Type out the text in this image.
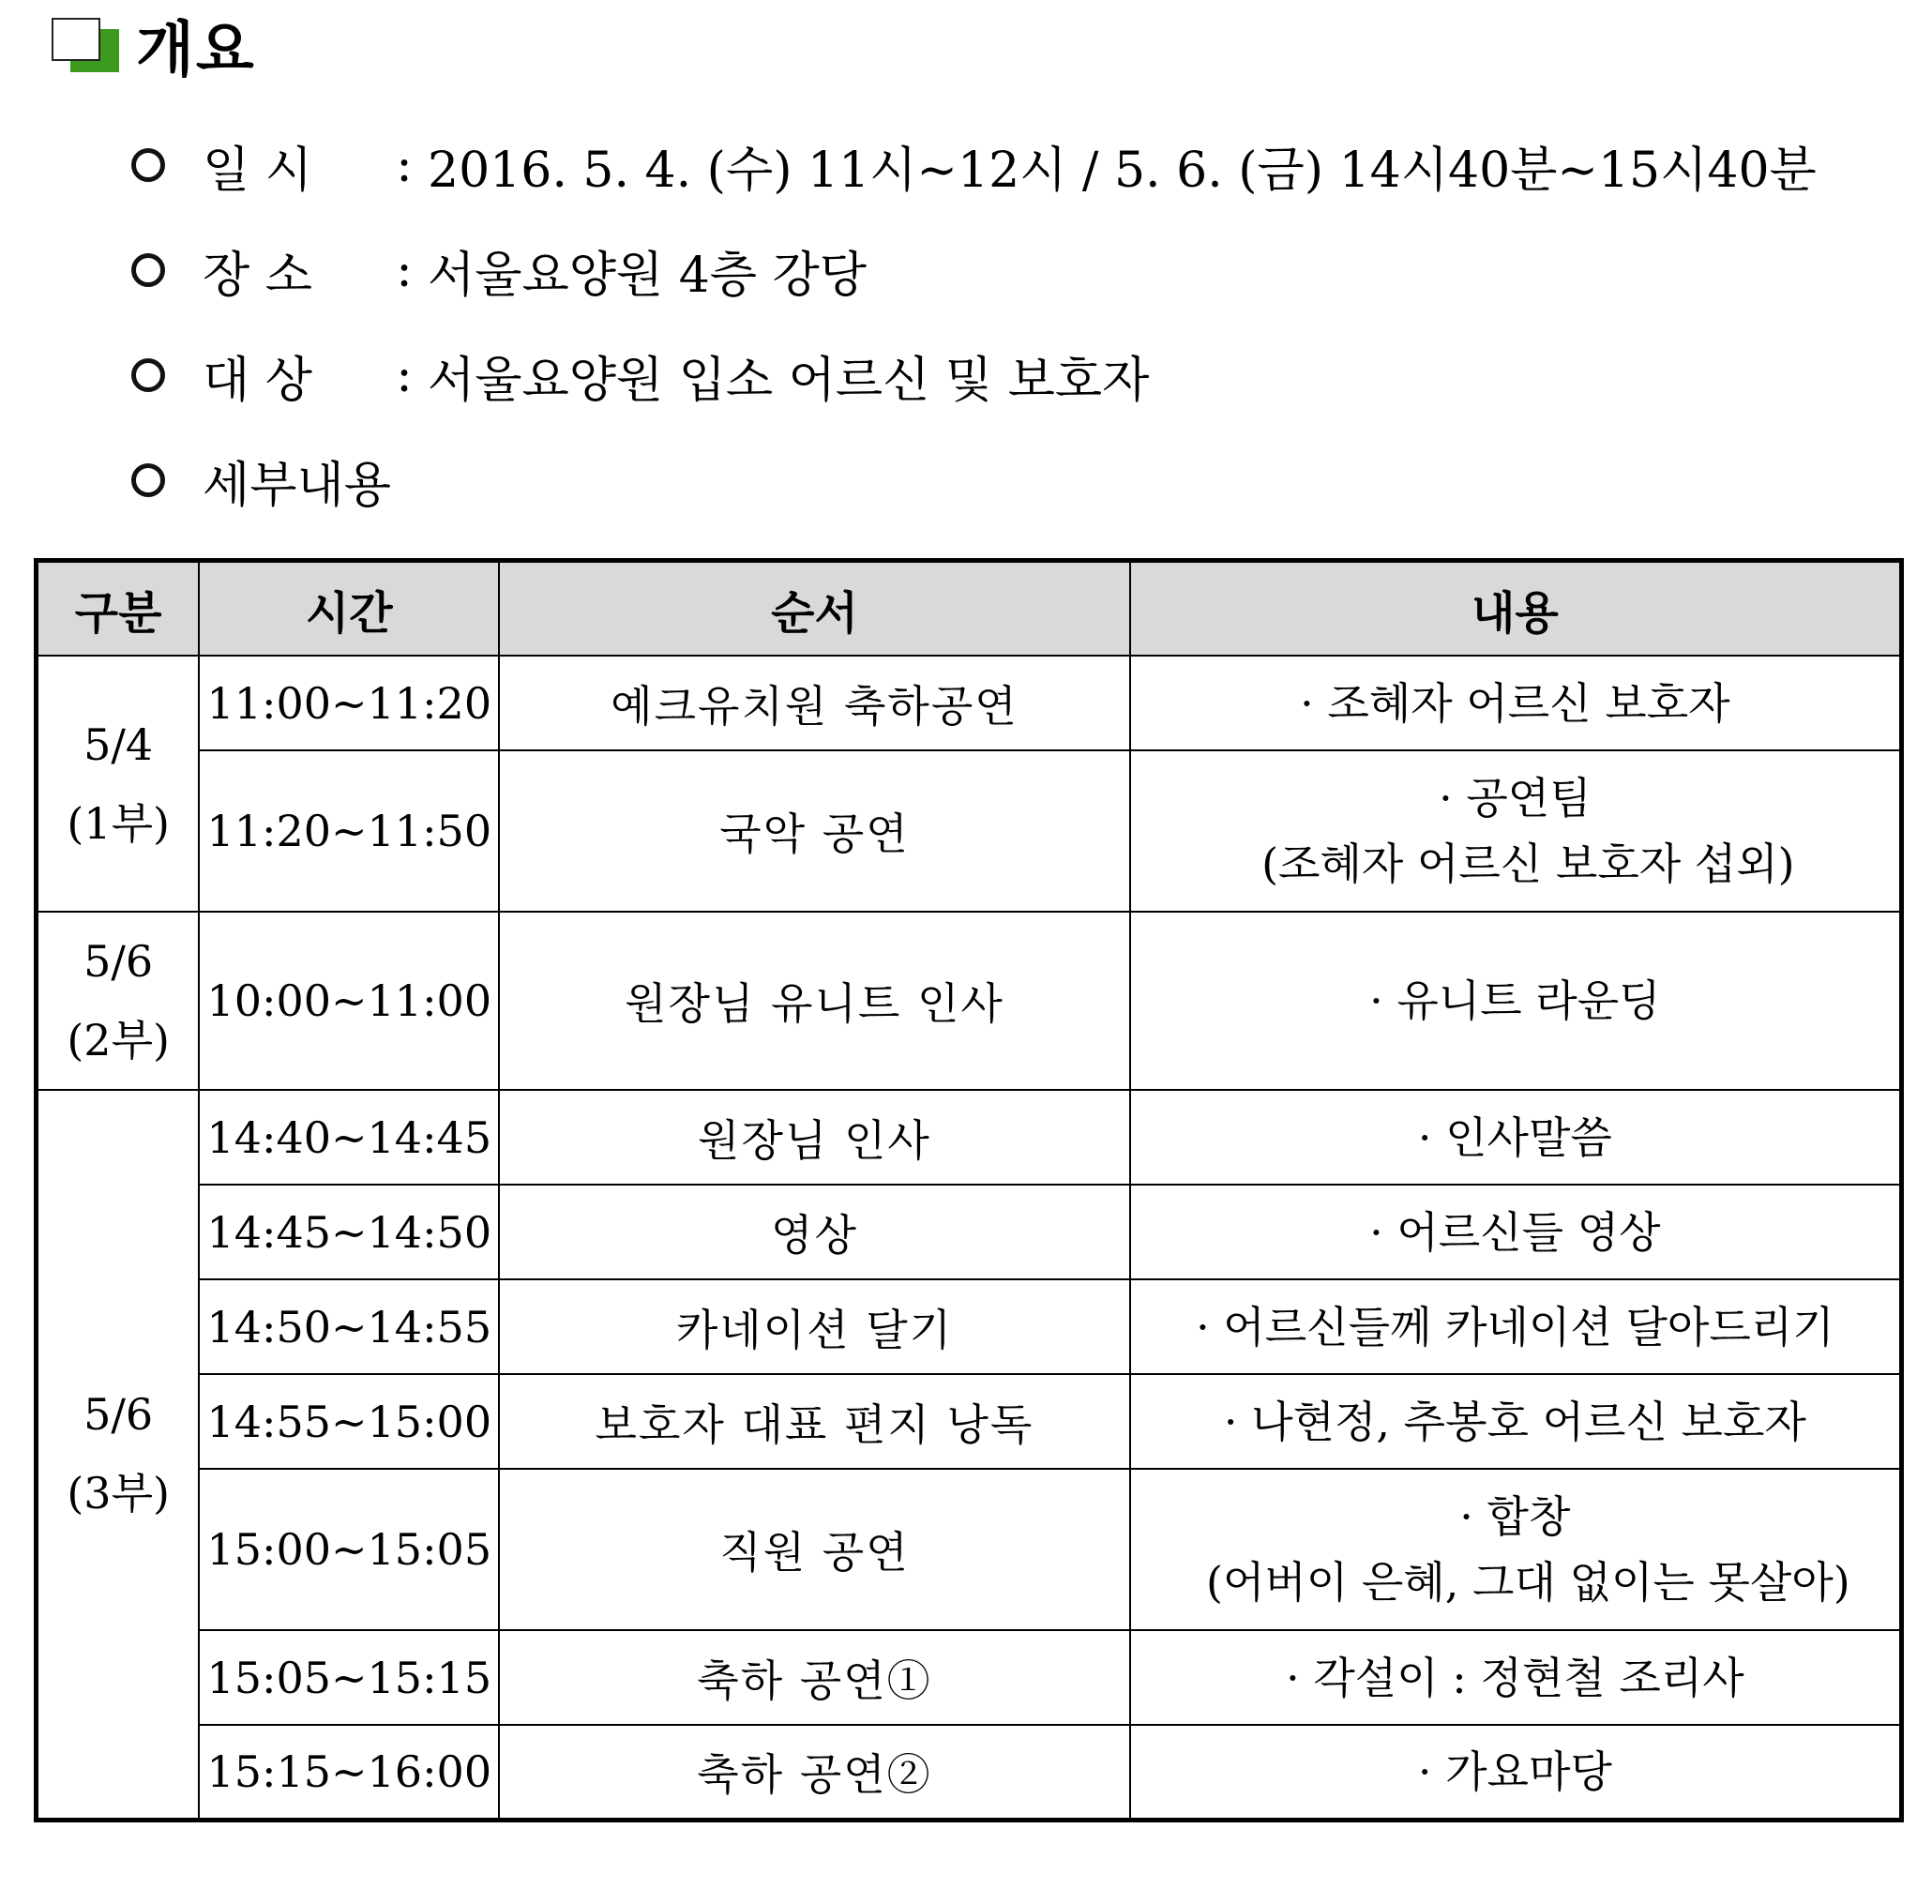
개요
일 시	: 2016. 5. 4. (수) 11시~12시 / 5. 6. (금) 14시40분~15시40분
장 소	: 서울요양원 4층 강당
대 상	: 서울요양원 입소 어르신 및 보호자
세부내용
구분	시간	순서	내용
5/4
(1부)	11:00~11:20	예크유치원 축하공연	· 조혜자 어르신 보호자

	11:20~11:50	국악 공연	· 공연팀
(조혜자 어르신 보호자 섭외)

5/6
(2부)	10:00~11:00	원장님 유니트 인사	· 유니트 라운딩

5/6
(3부)	14:40~14:45	원장님 인사	· 인사말씀

	14:45~14:50	영상	· 어르신들 영상

	14:50~14:55	카네이션 달기	· 어르신들께 카네이션 달아드리기

	14:55~15:00	보호자 대표 편지 낭독	· 나현정, 추봉호 어르신 보호자

	15:00~15:05	직원 공연	· 합창
(어버이 은혜, 그대 없이는 못살아)

	15:05~15:15	축하 공연①	· 각설이 : 정현철 조리사

	15:15~16:00	축하 공연②	· 가요마당
